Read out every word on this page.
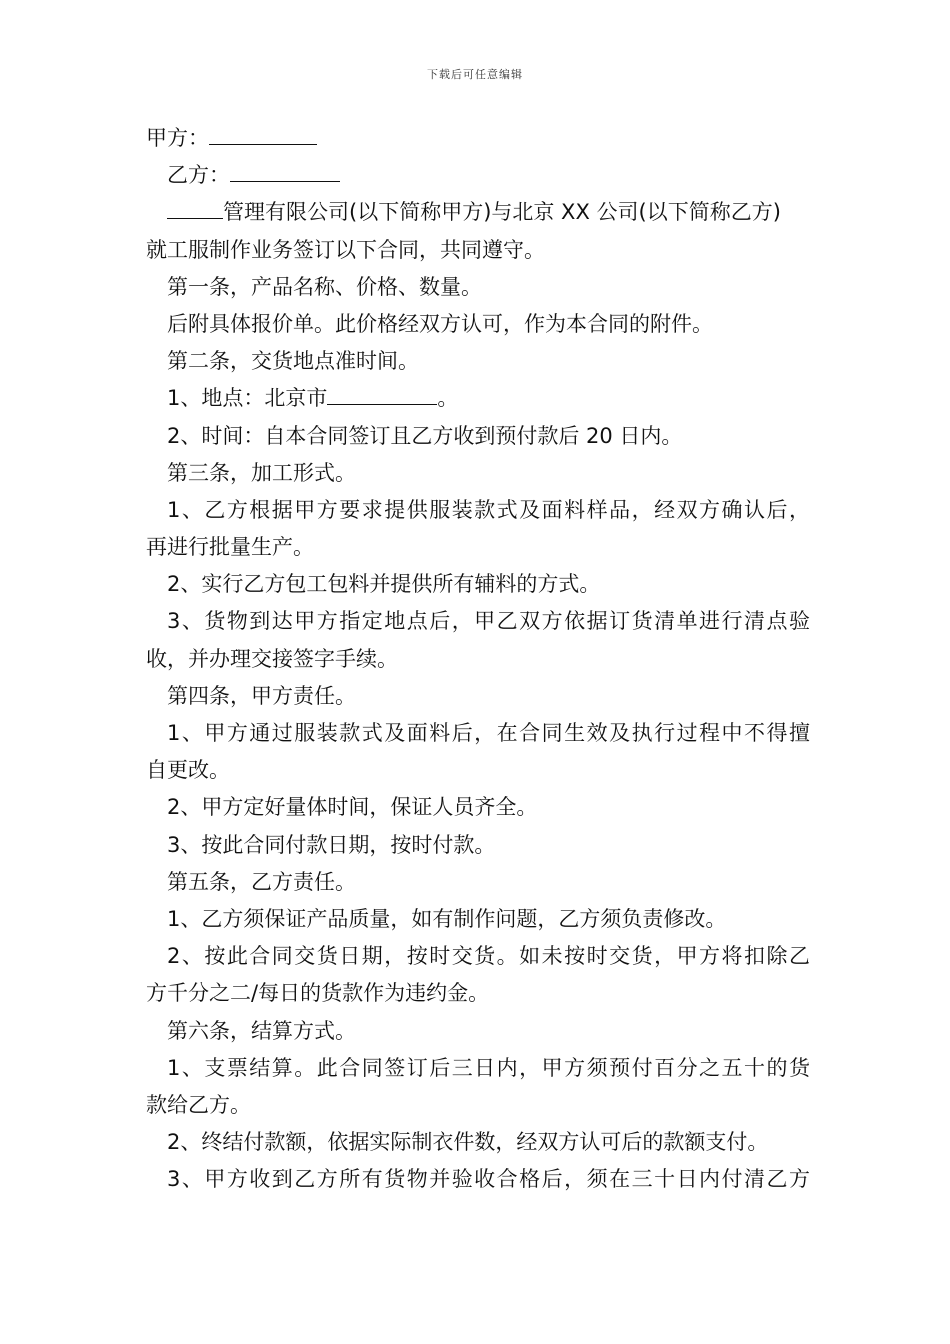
下载后可任意编辑
甲方：
乙方：
管理有限公司(以下简称甲方)与北京 XX 公司(以下简称乙方)
就工服制作业务签订以下合同，共同遵守。
第一条，产品名称、价格、数量。
后附具体报价单。此价格经双方认可，作为本合同的附件。
第二条，交货地点准时间。
1、地点：北京市	。
2、时间：自本合同签订且乙方收到预付款后 20 日内。
第三条，加工形式。
1、乙方根据甲方要求提供服装款式及面料样品，经双方确认后，
再进行批量生产。
2、实行乙方包工包料并提供所有辅料的方式。
3、货物到达甲方指定地点后，甲乙双方依据订货清单进行清点验
收，并办理交接签字手续。
第四条，甲方责任。
1、甲方通过服装款式及面料后，在合同生效及执行过程中不得擅
自更改。
2、甲方定好量体时间，保证人员齐全。
3、按此合同付款日期，按时付款。
第五条，乙方责任。
1、乙方须保证产品质量，如有制作问题，乙方须负责修改。
2、按此合同交货日期，按时交货。如未按时交货，甲方将扣除乙
方千分之二/每日的货款作为违约金。
第六条，结算方式。
1、支票结算。此合同签订后三日内，甲方须预付百分之五十的货
款给乙方。
2、终结付款额，依据实际制衣件数，经双方认可后的款额支付。
3、甲方收到乙方所有货物并验收合格后，须在三十日内付清乙方
